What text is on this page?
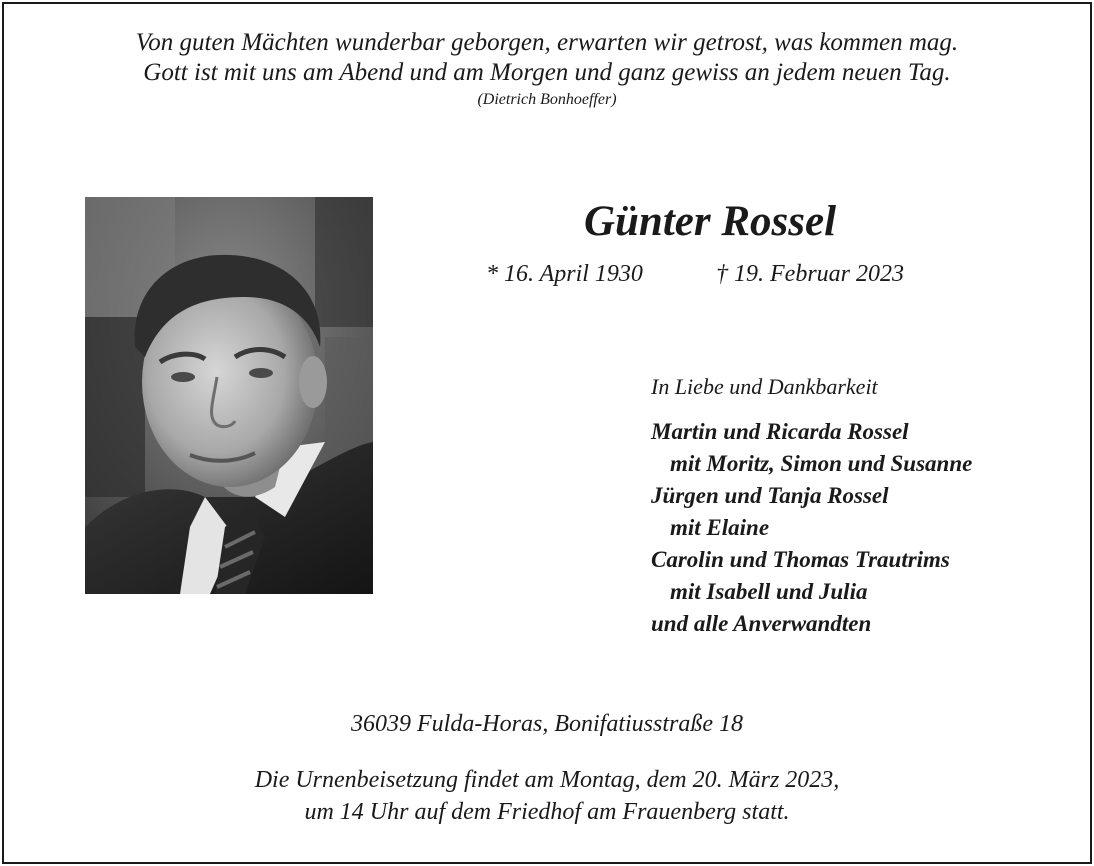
Von guten Mächten wunderbar geborgen, erwarten wir getrost, was kommen mag.
Gott ist mit uns am Abend und am Morgen und ganz gewiss an jedem neuen Tag.
(Dietrich Bonhoeffer)
Günter Rossel
* 16. April 1930	† 19. Februar 2023
In Liebe und Dankbarkeit
Martin und Ricarda Rossel
mit Moritz, Simon und Susanne
Jürgen und Tanja Rossel
mit Elaine
Carolin und Thomas Trautrims
mit Isabell und Julia
und alle Anverwandten
36039 Fulda-Horas, Bonifatiusstraße 18
Die Urnenbeisetzung findet am Montag, dem 20. März 2023,
um 14 Uhr auf dem Friedhof am Frauenberg statt.
